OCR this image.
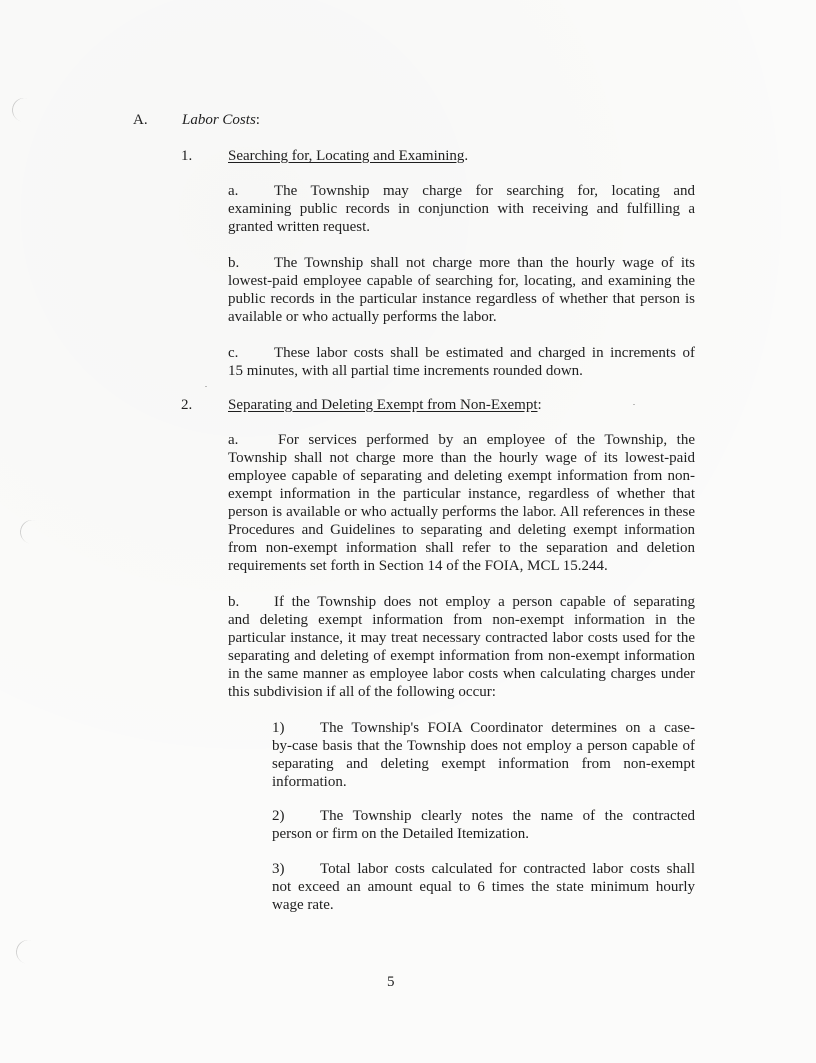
A. Labor Costs:
1. Searching for, Locating and Examining.
a. The Township may charge for searching for, locating and
examining public records in conjunction with receiving and fulfilling a granted written request.
b. The Township shall not charge more than the hourly wage of its
lowest-paid employee capable of searching for, locating, and examining the public records in the particular instance regardless of whether that person is available or who actually performs the labor.
c. These labor costs shall be estimated and charged in increments of
15 minutes, with all partial time increments rounded down.
2. Separating and Deleting Exempt from Non-Exempt:
a.	For services performed by an employee of the Township, the
Township shall not charge more than the hourly wage of its lowest-paid employee capable of separating and deleting exempt information from non-exempt information in the particular instance, regardless of whether that person is available or who actually performs the labor. All references in these Procedures and Guidelines to separating and deleting exempt information from non-exempt information shall refer to the separation and deletion requirements set forth in Section 14 of the FOIA, MCL 15.244.
b. If the Township does not employ a person capable of separating
and deleting exempt information from non-exempt information in the particular instance, it may treat necessary contracted labor costs used for the separating and deleting of exempt information from non-exempt information in the same manner as employee labor costs when calculating charges under this subdivision if all of the following occur:
1) The Township's FOIA Coordinator determines on a case-
by-case basis that the Township does not employ a person capable of separating and deleting exempt information from non-exempt information.
2) The Township clearly notes the name of the contracted
person or firm on the Detailed Itemization.
3) Total labor costs calculated for contracted labor costs shall
not exceed an amount equal to 6 times the state minimum hourly wage rate.
5
